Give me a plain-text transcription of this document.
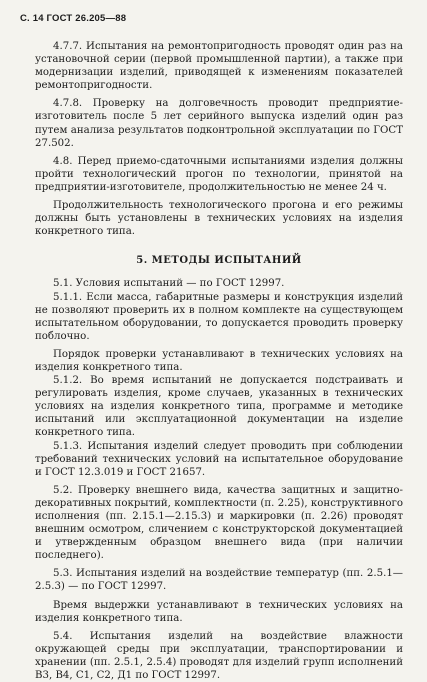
С. 14 ГОСТ 26.205—88

4.7.7. Испытания на ремонтопригодность проводят один раз на установочной серии (первой промышленной партии), а также при модернизации изделий, приводящей к изменениям показателей ремонтопригодности.

4.7.8. Проверку на долговечность проводит предприятие-изготовитель после 5 лет серийного выпуска изделий один раз путем анализа результатов подконтрольной эксплуатации по ГОСТ 27.502.

4.8. Перед приемо-сдаточными испытаниями изделия должны пройти технологический прогон по технологии, принятой на предприятии-изготовителе, продолжительностью не менее 24 ч.

Продолжительность технологического прогона и его режимы должны быть установлены в технических условиях на изделия конкретного типа.

5. МЕТОДЫ ИСПЫТАНИЙ

5.1. Условия испытаний — по ГОСТ 12997.

5.1.1. Если масса, габаритные размеры и конструкция изделий не позволяют проверить их в полном комплекте на существующем испытательном оборудовании, то допускается проводить проверку поблочно.

Порядок проверки устанавливают в технических условиях на изделия конкретного типа.

5.1.2. Во время испытаний не допускается подстраивать и регулировать изделия, кроме случаев, указанных в технических условиях на изделия конкретного типа, программе и методике испытаний или эксплуатационной документации на изделие конкретного типа.

5.1.3. Испытания изделий следует проводить при соблюдении требований технических условий на испытательное оборудование и ГОСТ 12.3.019 и ГОСТ 21657.

5.2. Проверку внешнего вида, качества защитных и защитно-декоративных покрытий, комплектности (п. 2.25), конструктивного исполнения (пп. 2.15.1—2.15.3) и маркировки (п. 2.26) проводят внешним осмотром, сличением с конструкторской документацией и утвержденным образцом внешнего вида (при наличии последнего).

5.3. Испытания изделий на воздействие температур (пп. 2.5.1—2.5.3) — по ГОСТ 12997.

Время выдержки устанавливают в технических условиях на изделия конкретного типа.

5.4. Испытания изделий на воздействие влажности окружающей среды при эксплуатации, транспортировании и хранении (пп. 2.5.1, 2.5.4) проводят для изделий групп исполнений В3, В4, С1, С2, Д1 по ГОСТ 12997.
